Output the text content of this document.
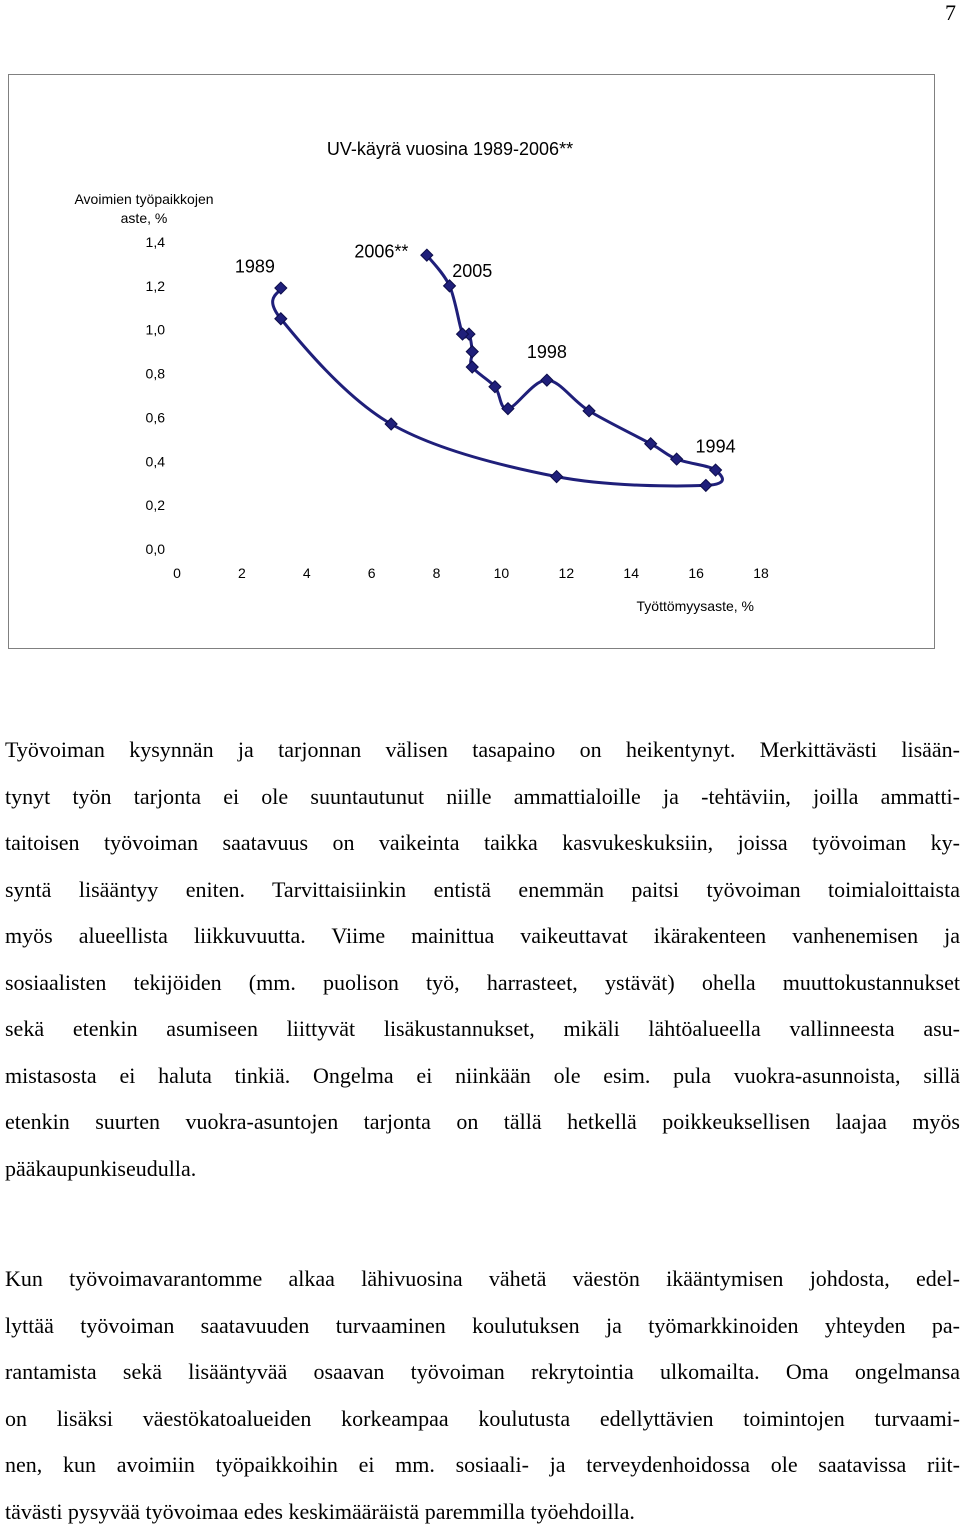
7
UV-käyrä vuosina 1989-2006**
Avoimien työpaikkojen
aste, %
0,0
0,2
0,4
0,6
0,8
1,0
1,2
1,4
0	2	4	6	8	10	12	14	16	18
Työttömyysaste, %
1989
2006**
2005
1998
1994

Työvoiman kysynnän ja tarjonnan välisen tasapaino on heikentynyt. Merkittävästi lisään-
tynyt työn tarjonta ei ole suuntautunut niille ammattialoille ja -tehtäviin, joilla ammatti-
taitoisen työvoiman saatavuus on vaikeinta taikka kasvukeskuksiin, joissa työvoiman ky-
syntä lisääntyy eniten. Tarvittaisiinkin entistä enemmän paitsi työvoiman toimialoittaista
myös alueellista liikkuvuutta. Viime mainittua vaikeuttavat ikärakenteen vanhenemisen ja
sosiaalisten tekijöiden (mm. puolison työ, harrasteet, ystävät) ohella muuttokustannukset
sekä etenkin asumiseen liittyvät lisäkustannukset, mikäli lähtöalueella vallinneesta asu-
mistasosta ei haluta tinkiä. Ongelma ei niinkään ole esim. pula vuokra-asunnoista, sillä
etenkin suurten vuokra-asuntojen tarjonta on tällä hetkellä poikkeuksellisen laajaa myös
pääkaupunkiseudulla.

Kun työvoimavarantomme alkaa lähivuosina vähetä väestön ikääntymisen johdosta, edel-
lyttää työvoiman saatavuuden turvaaminen koulutuksen ja työmarkkinoiden yhteyden pa-
rantamista sekä lisääntyvää osaavan työvoiman rekrytointia ulkomailta. Oma ongelmansa
on lisäksi väestökatoalueiden korkeampaa koulutusta edellyttävien toimintojen turvaami-
nen, kun avoimiin työpaikkoihin ei mm. sosiaali- ja terveydenhoidossa ole saatavissa riit-
tävästi pysyvää työvoimaa edes keskimääräistä paremmilla työehdoilla.
